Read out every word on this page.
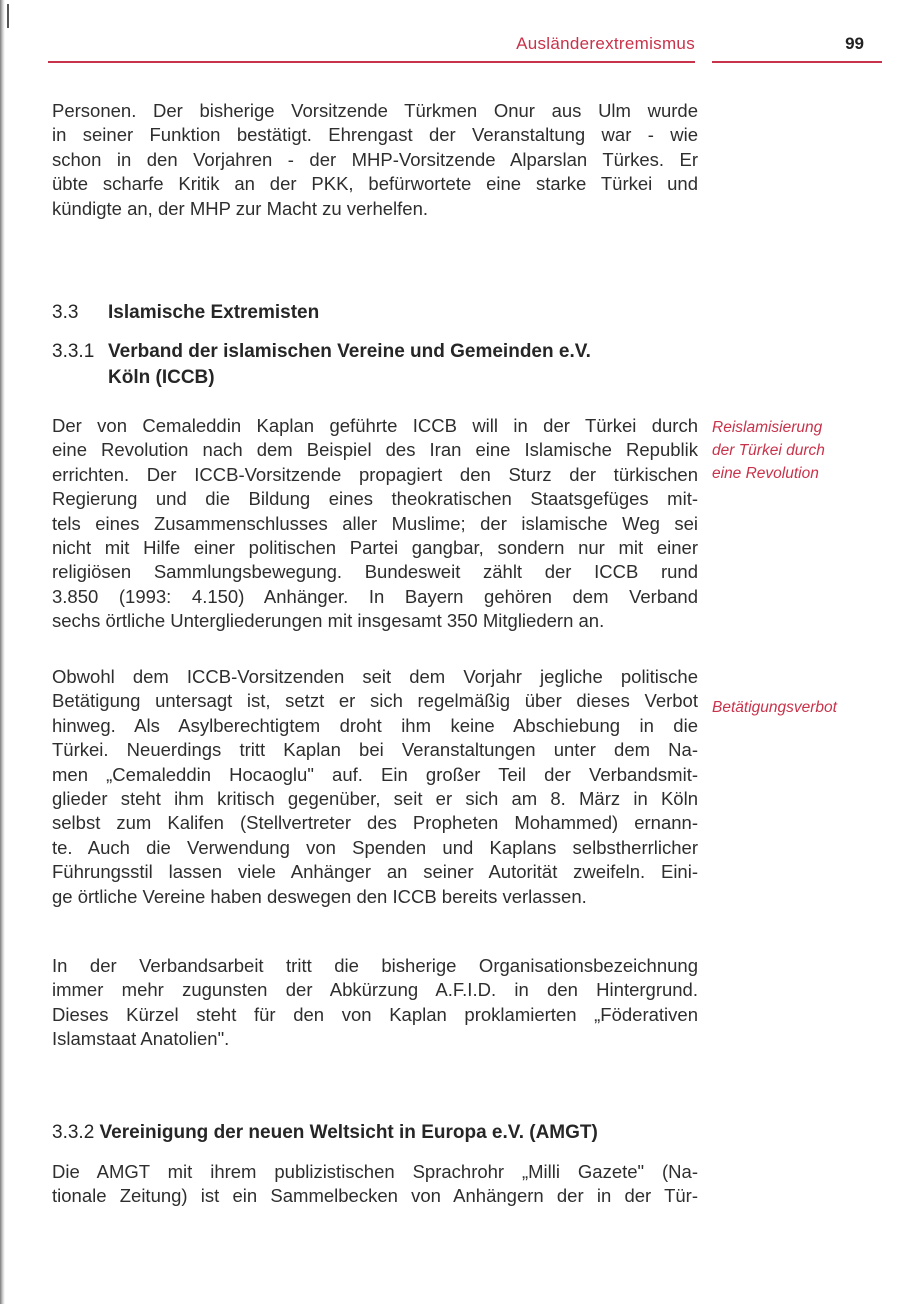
Ausländerextremismus	99
Personen. Der bisherige Vorsitzende Türkmen Onur aus Ulm wurde
in seiner Funktion bestätigt. Ehrengast der Veranstaltung war - wie
schon in den Vorjahren - der MHP-Vorsitzende Alparslan Türkes. Er
übte scharfe Kritik an der PKK, befürwortete eine starke Türkei und
kündigte an, der MHP zur Macht zu verhelfen.
3.3 Islamische Extremisten
3.3.1 Verband der islamischen Vereine und Gemeinden e.V.
Köln (ICCB)
Der von Cemaleddin Kaplan geführte ICCB will in der Türkei durch
eine Revolution nach dem Beispiel des Iran eine Islamische Republik
errichten. Der ICCB-Vorsitzende propagiert den Sturz der türkischen
Regierung und die Bildung eines theokratischen Staatsgefüges mit-
tels eines Zusammenschlusses aller Muslime; der islamische Weg sei
nicht mit Hilfe einer politischen Partei gangbar, sondern nur mit einer
religiösen Sammlungsbewegung. Bundesweit zählt der ICCB rund
3.850 (1993: 4.150) Anhänger. In Bayern gehören dem Verband
sechs örtliche Untergliederungen mit insgesamt 350 Mitgliedern an.
Obwohl dem ICCB-Vorsitzenden seit dem Vorjahr jegliche politische
Betätigung untersagt ist, setzt er sich regelmäßig über dieses Verbot
hinweg. Als Asylberechtigtem droht ihm keine Abschiebung in die
Türkei. Neuerdings tritt Kaplan bei Veranstaltungen unter dem Na-
men „Cemaleddin Hocaoglu" auf. Ein großer Teil der Verbandsmit-
glieder steht ihm kritisch gegenüber, seit er sich am 8. März in Köln
selbst zum Kalifen (Stellvertreter des Propheten Mohammed) ernann-
te. Auch die Verwendung von Spenden und Kaplans selbstherrlicher
Führungsstil lassen viele Anhänger an seiner Autorität zweifeln. Eini-
ge örtliche Vereine haben deswegen den ICCB bereits verlassen.
In der Verbandsarbeit tritt die bisherige Organisationsbezeichnung
immer mehr zugunsten der Abkürzung A.F.I.D. in den Hintergrund.
Dieses Kürzel steht für den von Kaplan proklamierten „Föderativen
Islamstaat Anatolien".
3.3.2 Vereinigung der neuen Weltsicht in Europa e.V. (AMGT)
Die AMGT mit ihrem publizistischen Sprachrohr „Milli Gazete" (Na-
tionale Zeitung) ist ein Sammelbecken von Anhängern der in der Tür-
Reislamisierung
der Türkei durch
eine Revolution
Betätigungsverbot
